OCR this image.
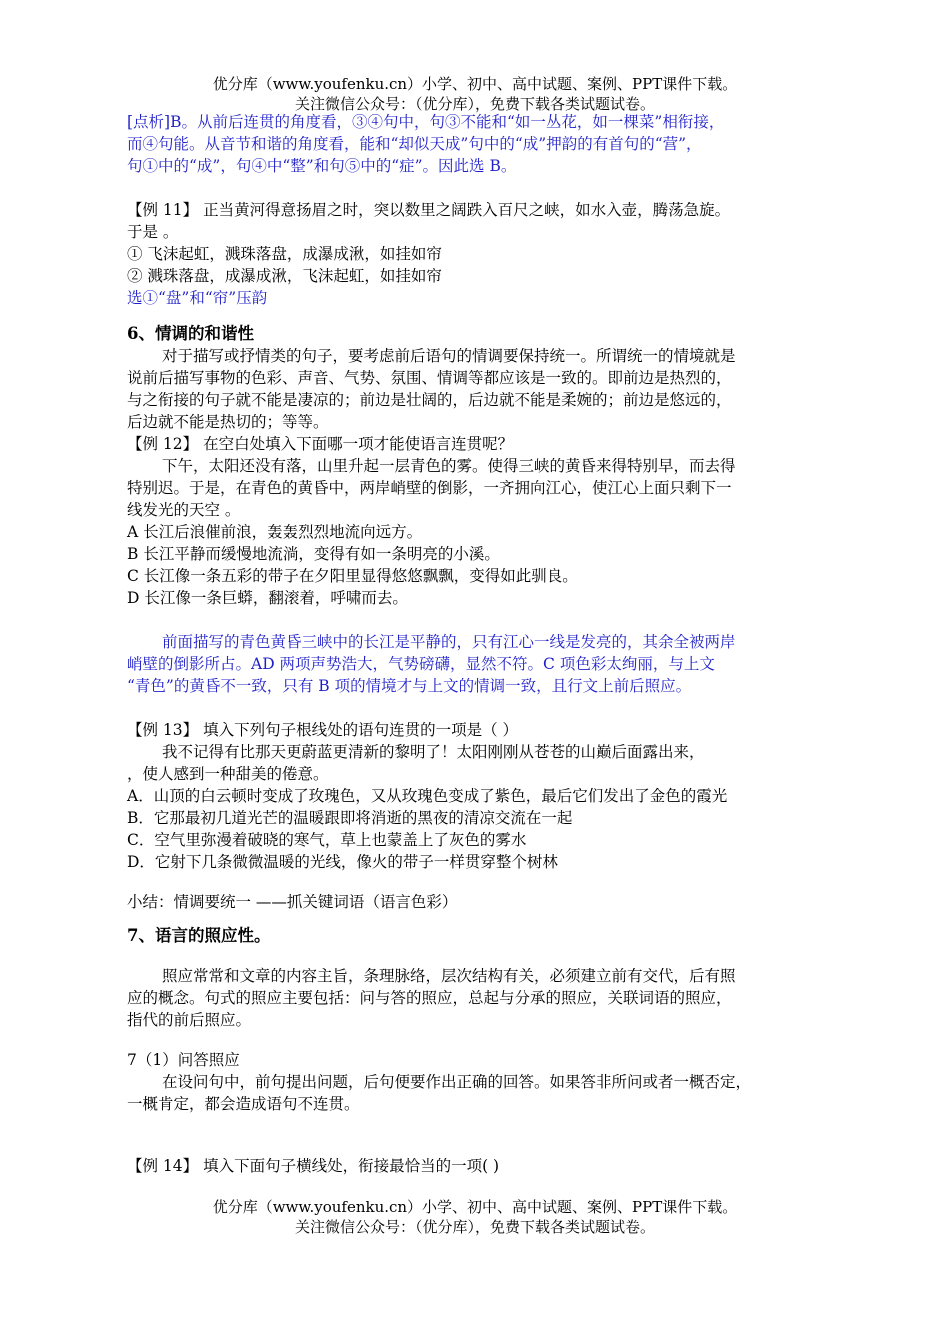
优分库（www.youfenku.cn）小学、初中、高中试题、案例、PPT课件下载。
关注微信公众号：（优分库），免费下载各类试题试卷。
[点析]B。从前后连贯的角度看，③④句中，句③不能和“如一丛花，如一棵菜”相衔接，
而④句能。从音节和谐的角度看，能和“却似天成”句中的“成”押韵的有首句的“营”，
句①中的“成”，句④中“整”和句⑤中的“症”。因此选 B。
【例 11】 正当黄河得意扬眉之时，突以数里之阔跌入百尺之峡，如水入壶，腾荡急旋。
于是 。
① 飞沫起虹，溅珠落盘，成瀑成湫，如挂如帘
② 溅珠落盘，成瀑成湫，飞沫起虹，如挂如帘
选①“盘”和“帘”压韵
6、情调的和谐性
对于描写或抒情类的句子，要考虑前后语句的情调要保持统一。所谓统一的情境就是
说前后描写事物的色彩、声音、气势、氛围、情调等都应该是一致的。即前边是热烈的，
与之衔接的句子就不能是凄凉的；前边是壮阔的，后边就不能是柔婉的；前边是悠远的，
后边就不能是热切的；等等。
【例 12】 在空白处填入下面哪一项才能使语言连贯呢？
下午，太阳还没有落，山里升起一层青色的雾。使得三峡的黄昏来得特别早，而去得
特别迟。于是，在青色的黄昏中，两岸峭壁的倒影，一齐拥向江心，使江心上面只剩下一
线发光的天空 。
A 长江后浪催前浪，轰轰烈烈地流向远方。
B 长江平静而缓慢地流淌，变得有如一条明亮的小溪。
C 长江像一条五彩的带子在夕阳里显得悠悠飘飘，变得如此驯良。
D 长江像一条巨蟒，翻滚着，呼啸而去。
前面描写的青色黄昏三峡中的长江是平静的，只有江心一线是发亮的，其余全被两岸
峭壁的倒影所占。AD 两项声势浩大，气势磅礴，显然不符。C 项色彩太绚丽，与上文
“青色”的黄昏不一致，只有 B 项的情境才与上文的情调一致，且行文上前后照应。
【例 13】 填入下列句子根线处的语句连贯的一项是（ ）
我不记得有比那天更蔚蓝更清新的黎明了！太阳刚刚从苍苍的山巅后面露出来，
，使人感到一种甜美的倦意。
A．山顶的白云顿时变成了玫瑰色，又从玫瑰色变成了紫色，最后它们发出了金色的霞光
B．它那最初几道光芒的温暖跟即将消逝的黑夜的清凉交流在一起
C．空气里弥漫着破晓的寒气，草上也蒙盖上了灰色的雾水
D．它射下几条微微温暖的光线，像火的带子一样贯穿整个树林
小结：情调要统一 ——抓关键词语（语言色彩）
7、语言的照应性。
照应常常和文章的内容主旨，条理脉络，层次结构有关，必须建立前有交代，后有照
应的概念。句式的照应主要包括：问与答的照应，总起与分承的照应，关联词语的照应，
指代的前后照应。
7（1）问答照应
在设问句中，前句提出问题，后句便要作出正确的回答。如果答非所问或者一概否定，
一概肯定，都会造成语句不连贯。
【例 14】 填入下面句子横线处，衔接最恰当的一项( )
优分库（www.youfenku.cn）小学、初中、高中试题、案例、PPT课件下载。
关注微信公众号：（优分库），免费下载各类试题试卷。
